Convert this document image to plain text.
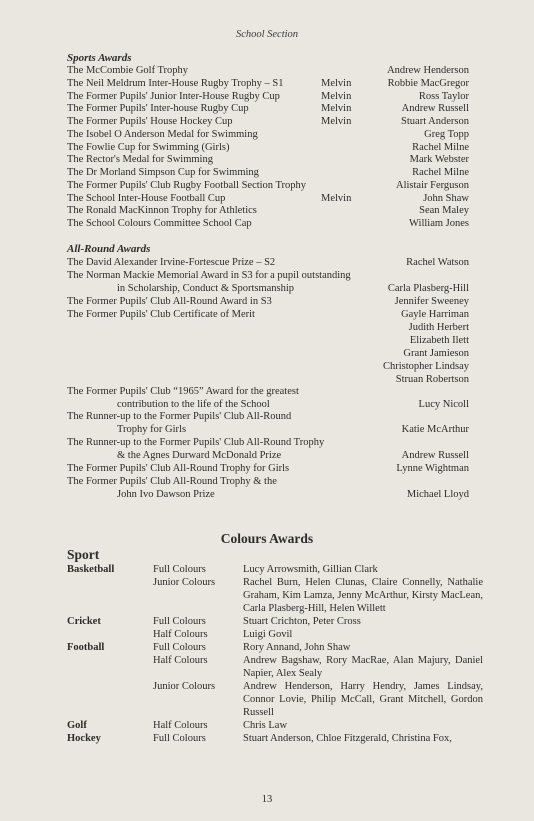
School Section
Sports Awards
The McCombie Golf Trophy	Andrew Henderson
The Neil Meldrum Inter-House Rugby Trophy – S1	Melvin	Robbie MacGregor
The Former Pupils' Junior Inter-House Rugby Cup	Melvin	Ross Taylor
The Former Pupils' Inter-house Rugby Cup	Melvin	Andrew Russell
The Former Pupils' House Hockey Cup	Melvin	Stuart Anderson
The Isobel O Anderson Medal for Swimming	Greg Topp
The Fowlie Cup for Swimming (Girls)	Rachel Milne
The Rector's Medal for Swimming	Mark Webster
The Dr Morland Simpson Cup for Swimming	Rachel Milne
The Former Pupils' Club Rugby Football Section Trophy	Alistair Ferguson
The School Inter-House Football Cup	Melvin	John Shaw
The Ronald MacKinnon Trophy for Athletics	Sean Maley
The School Colours Committee School Cap	William Jones
All-Round Awards
The David Alexander Irvine-Fortescue Prize – S2	Rachel Watson
The Norman Mackie Memorial Award in S3 for a pupil outstanding
in Scholarship, Conduct & Sportsmanship	Carla Plasberg-Hill
The Former Pupils' Club All-Round Award in S3	Jennifer Sweeney
The Former Pupils' Club Certificate of Merit	Gayle Harriman
Judith Herbert
Elizabeth Ilett
Grant Jamieson
Christopher Lindsay
Struan Robertson
The Former Pupils' Club “1965” Award for the greatest
contribution to the life of the School	Lucy Nicoll
The Runner-up to the Former Pupils' Club All-Round
Trophy for Girls	Katie McArthur
The Runner-up to the Former Pupils' Club All-Round Trophy
& the Agnes Durward McDonald Prize	Andrew Russell
The Former Pupils' Club All-Round Trophy for Girls	Lynne Wightman
The Former Pupils' Club All-Round Trophy & the
John Ivo Dawson Prize	Michael Lloyd
Colours Awards
Sport
Basketball	Full Colours	Lucy Arrowsmith, Gillian Clark
Junior Colours	Rachel Burn, Helen Clunas, Claire Connelly, Nathalie Graham, Kim Lamza, Jenny McArthur, Kirsty MacLean, Carla Plasberg-Hill, Helen Willett
Cricket	Full Colours	Stuart Crichton, Peter Cross
Half Colours	Luigi Govil
Football	Full Colours	Rory Annand, John Shaw
Half Colours	Andrew Bagshaw, Rory MacRae, Alan Majury, Daniel Napier, Alex Sealy
Junior Colours	Andrew Henderson, Harry Hendry, James Lindsay, Connor Lovie, Philip McCall, Grant Mitchell, Gordon Russell
Golf	Half Colours	Chris Law
Hockey	Full Colours	Stuart Anderson, Chloe Fitzgerald, Christina Fox,
13
